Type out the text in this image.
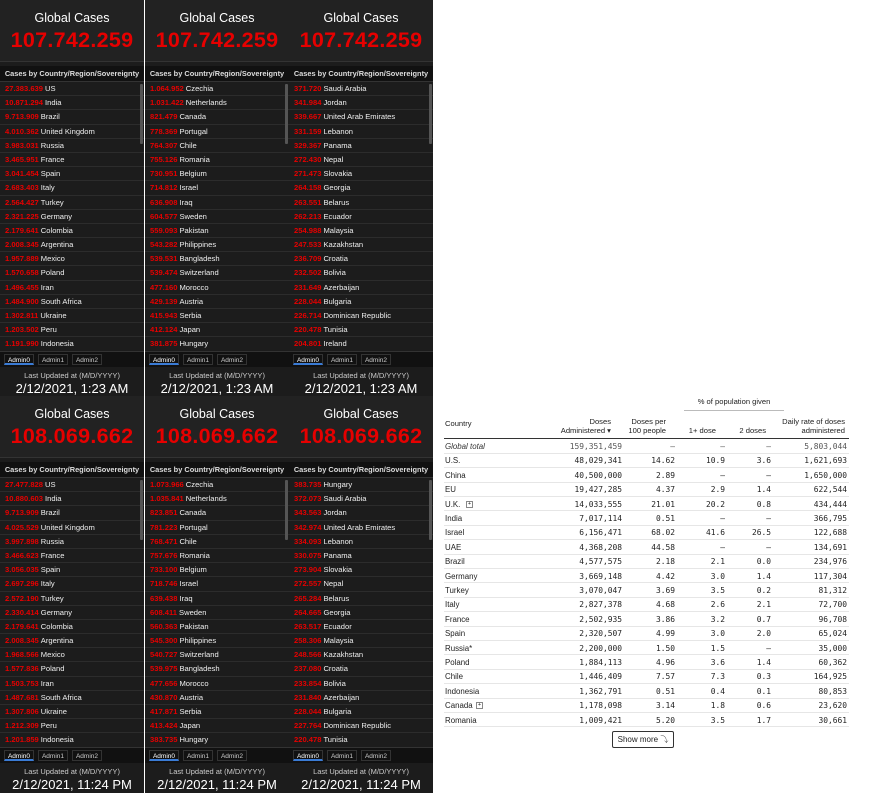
Global Cases
107.742.259
Cases by Country/Region/Sovereignty
27.383.639 US
10.871.294 India
9.713.909 Brazil
4.010.362 United Kingdom
3.983.031 Russia
3.465.951 France
3.041.454 Spain
2.683.403 Italy
2.564.427 Turkey
2.321.225 Germany
2.179.641 Colombia
2.008.345 Argentina
1.957.889 Mexico
1.570.658 Poland
1.496.455 Iran
1.484.900 South Africa
1.302.811 Ukraine
1.203.502 Peru
1.191.990 Indonesia
Admin0	Admin1	Admin2
Last Updated at (M/D/YYYY)
2/12/2021, 1:23 AM
Global Cases
107.742.259
Cases by Country/Region/Sovereignty
1.064.952 Czechia
1.031.422 Netherlands
821.479 Canada
778.369 Portugal
764.307 Chile
755.126 Romania
730.951 Belgium
714.812 Israel
636.908 Iraq
604.577 Sweden
559.093 Pakistan
543.282 Philippines
539.531 Bangladesh
539.474 Switzerland
477.160 Morocco
429.139 Austria
415.943 Serbia
412.124 Japan
381.875 Hungary
Admin0	Admin1	Admin2
Last Updated at (M/D/YYYY)
2/12/2021, 1:23 AM
Global Cases
107.742.259
Cases by Country/Region/Sovereignty
371.720 Saudi Arabia
341.984 Jordan
339.667 United Arab Emirates
331.159 Lebanon
329.367 Panama
272.430 Nepal
271.473 Slovakia
264.158 Georgia
263.551 Belarus
262.213 Ecuador
254.988 Malaysia
247.533 Kazakhstan
236.709 Croatia
232.502 Bolivia
231.649 Azerbaijan
228.044 Bulgaria
226.714 Dominican Republic
220.478 Tunisia
204.801 Ireland
Admin0	Admin1	Admin2
Last Updated at (M/D/YYYY)
2/12/2021, 1:23 AM
Global Cases
108.069.662
Cases by Country/Region/Sovereignty
27.477.828 US
10.880.603 India
9.713.909 Brazil
4.025.529 United Kingdom
3.997.898 Russia
3.466.623 France
3.056.035 Spain
2.697.296 Italy
2.572.190 Turkey
2.330.414 Germany
2.179.641 Colombia
2.008.345 Argentina
1.968.566 Mexico
1.577.836 Poland
1.503.753 Iran
1.487.681 South Africa
1.307.806 Ukraine
1.212.309 Peru
1.201.859 Indonesia
Admin0	Admin1	Admin2
Last Updated at (M/D/YYYY)
2/12/2021, 11:24 PM
Global Cases
108.069.662
Cases by Country/Region/Sovereignty
1.073.966 Czechia
1.035.841 Netherlands
823.851 Canada
781.223 Portugal
768.471 Chile
757.676 Romania
733.100 Belgium
718.746 Israel
639.438 Iraq
608.411 Sweden
560.363 Pakistan
545.300 Philippines
540.727 Switzerland
539.975 Bangladesh
477.656 Morocco
430.870 Austria
417.871 Serbia
413.424 Japan
383.735 Hungary
Admin0	Admin1	Admin2
Last Updated at (M/D/YYYY)
2/12/2021, 11:24 PM
Global Cases
108.069.662
Cases by Country/Region/Sovereignty
383.735 Hungary
372.073 Saudi Arabia
343.563 Jordan
342.974 United Arab Emirates
334.093 Lebanon
330.075 Panama
273.904 Slovakia
272.557 Nepal
265.284 Belarus
264.665 Georgia
263.517 Ecuador
258.306 Malaysia
248.566 Kazakhstan
237.080 Croatia
233.854 Bolivia
231.840 Azerbaijan
228.044 Bulgaria
227.764 Dominican Republic
220.478 Tunisia
Admin0	Admin1	Admin2
Last Updated at (M/D/YYYY)
2/12/2021, 11:24 PM
% of population given
Country	Doses
Administered ▾
Doses per
100 people	1+ dose	2 doses
Daily rate of doses
administered
Global total	159,351,459	–	–	–	5,803,044
U.S.	48,029,341	14.62	10.9	3.6	1,621,693
China	40,500,000	2.89	–	–	1,650,000
EU	19,427,285	4.37	2.9	1.4	622,544
U.K.	+	14,033,555	21.01	20.2	0.8	434,444
India	7,017,114	0.51	–	–	366,795
Israel	6,156,471	68.02	41.6	26.5	122,688
UAE	4,368,208	44.58	–	–	134,691
Brazil	4,577,575	2.18	2.1	0.0	234,976
Germany	3,669,148	4.42	3.0	1.4	117,304
Turkey	3,070,047	3.69	3.5	0.2	81,312
Italy	2,827,378	4.68	2.6	2.1	72,700
France	2,502,935	3.86	3.2	0.7	96,708
Spain	2,320,507	4.99	3.0	2.0	65,024
Russia*	2,200,000	1.50	1.5	–	35,000
Poland	1,884,113	4.96	3.6	1.4	60,362
Chile	1,446,409	7.57	7.3	0.3	164,925
Indonesia	1,362,791	0.51	0.4	0.1	80,853
Canada	+	1,178,098	3.14	1.8	0.6	23,620
Romania	1,009,421	5.20	3.5	1.7	30,661
Show more ⤵
